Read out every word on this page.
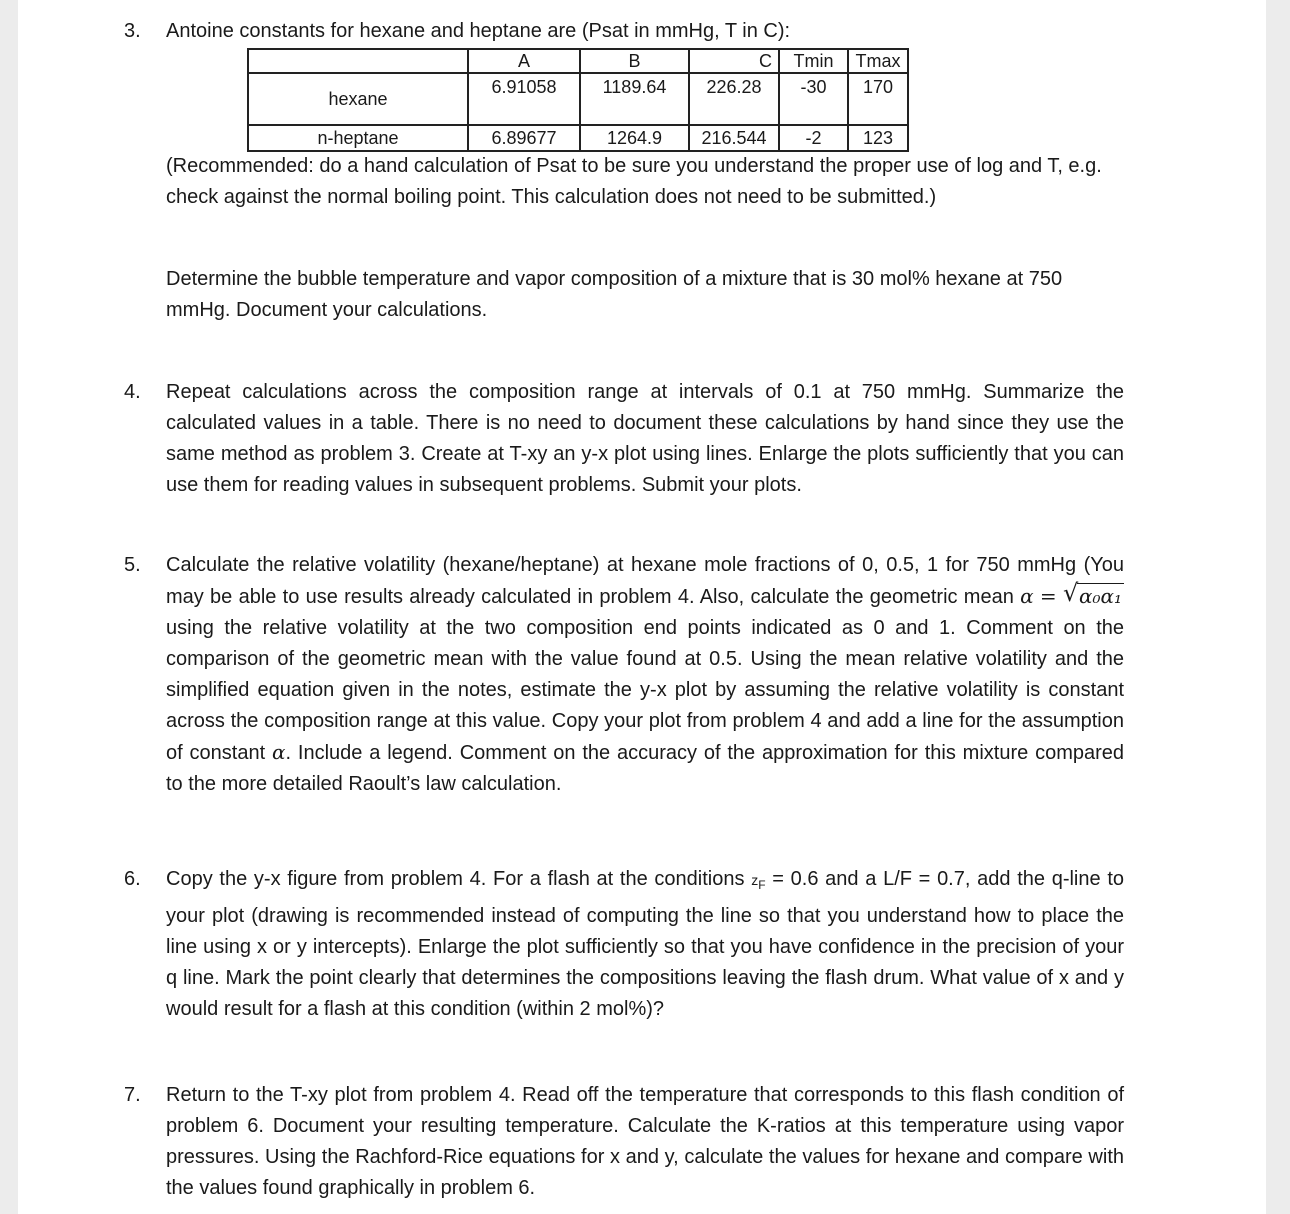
3. Antoine constants for hexane and heptane are (Psat in mmHg, T in C):
	A	B	C	Tmin	Tmax
hexane	6.91058	1189.64	226.28	-30	170
n-heptane	6.89677	1264.9	216.544	-2	123
(Recommended: do a hand calculation of Psat to be sure you understand the proper use of log and T, e.g. check against the normal boiling point. This calculation does not need to be submitted.)
Determine the bubble temperature and vapor composition of a mixture that is 30 mol% hexane at 750 mmHg. Document your calculations.
4. Repeat calculations across the composition range at intervals of 0.1 at 750 mmHg. Summarize the calculated values in a table. There is no need to document these calculations by hand since they use the same method as problem 3. Create at T-xy an y-x plot using lines. Enlarge the plots sufficiently that you can use them for reading values in subsequent problems. Submit your plots.
5. Calculate the relative volatility (hexane/heptane) at hexane mole fractions of 0, 0.5, 1 for 750 mmHg (You may be able to use results already calculated in problem 4. Also, calculate the geometric mean α = √ α₀α₁ using the relative volatility at the two composition end points indicated as 0 and 1. Comment on the comparison of the geometric mean with the value found at 0.5. Using the mean relative volatility and the simplified equation given in the notes, estimate the y-x plot by assuming the relative volatility is constant across the composition range at this value. Copy your plot from problem 4 and add a line for the assumption of constant α. Include a legend. Comment on the accuracy of the approximation for this mixture compared to the more detailed Raoult’s law calculation.
6. Copy the y-x figure from problem 4. For a flash at the conditions $z_F = 0.6$ and a L/F = 0.7, add the q-line to your plot (drawing is recommended instead of computing the line so that you understand how to place the line using x or y intercepts). Enlarge the plot sufficiently so that you have confidence in the precision of your q line. Mark the point clearly that determines the compositions leaving the flash drum. What value of x and y would result for a flash at this condition (within 2 mol%)?
7. Return to the T-xy plot from problem 4. Read off the temperature that corresponds to this flash condition of problem 6. Document your resulting temperature. Calculate the K-ratios at this temperature using vapor pressures. Using the Rachford-Rice equations for x and y, calculate the values for hexane and compare with the values found graphically in problem 6.
